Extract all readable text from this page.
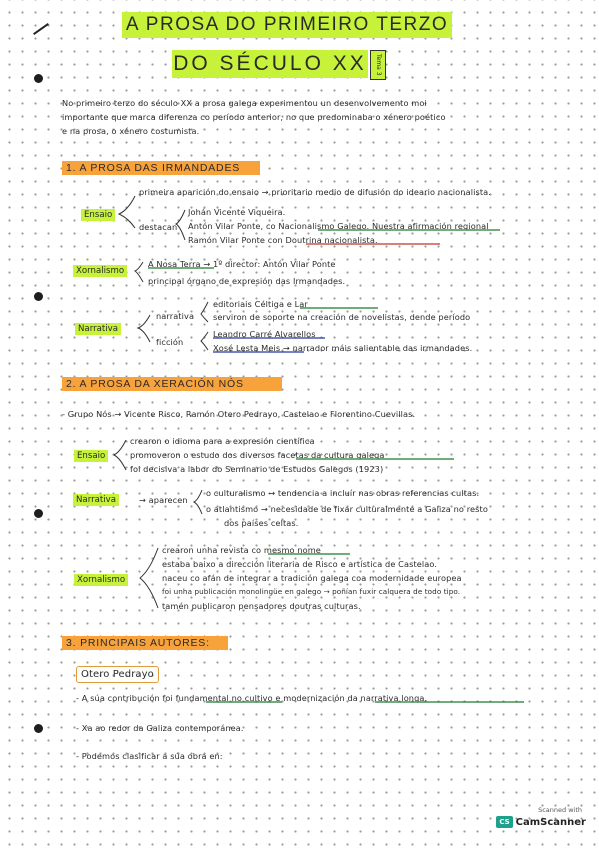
A PROSA DO PRIMEIRO TERZO
DO SÉCULO XX	Tema 3
No primeiro terzo do século XX a prosa galega experimentou un desenvolvemento moi
importante que marca diferenza co período anterior, no que predominaba o xénero poético
e na prosa, o xénero costumista.
1. A PROSA DAS IRMANDADES
Ensaio
primeira aparición do ensaio → prioritario medio de difusión do ideario nacionalista.
destacan
Johán Vicente Viqueira.
Antón Vilar Ponte, co Nacionalismo Galego. Nuestra afirmación regional
Ramón Vilar Ponte con Doutrina nacionalista.
Xornalismo
A Nosa Terra → 1º director: Antón Vilar Ponte
principal órgano de expresión das Irmandades.
Narrativa
narrativa
editoriais Céltiga e Lar
serviron de soporte na creación de novelistas, dende período
ficción
Leandro Carré Alvarellos
Xosé Lesta Meis → narrador máis salientable das irmandades.
2. A PROSA DA XERACIÓN NÓS
- Grupo Nós → Vicente Risco, Ramón Otero Pedrayo, Castelao e Florentino Cuevillas.
Ensaio
crearon o idioma para a expresión científica
promoveron o estudo dos diversos facetas da cultura galega
foi decisiva a labor do Seminario de Estudos Galegos (1923)
Narrativa	→ aparecen
o culturalismo → tendencia a incluír nas obras referencias cultas.
o atlantismo → necesidade de fixar culturalmente a Galiza no resto
dos países celtas.
Xornalismo
crearon unha revista co mesmo nome
estaba baixo a dirección literaria de Risco e artística de Castelao.
naceu co afán de integrar a tradición galega coa modernidade europea
foi unha publicación monolingüe en galego → poñían fuxir calquera de todo tipo.
tamén publicaron pensadores doutras culturas.
3. PRINCIPAIS AUTORES:
Otero Pedrayo
- A súa contribución foi fundamental no cultivo e modernización da narrativa longa.
- Xa ao redor da Galiza contemporánea.
- Podemos clasificar a súa obra en:
Scanned with
CS CamScanner
